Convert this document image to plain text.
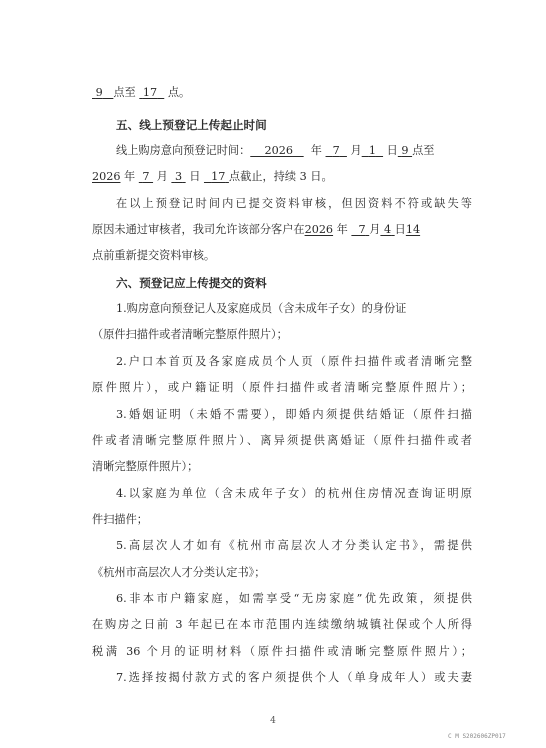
9 点至 17 点。
五、线上预登记上传起止时间
线上购房意向预登记时间： 2026 年 7 月 1 日 9 点至
2026 年 7 月 3 日 17 点截止，持续 3 日。
在以上预登记时间内已提交资料审核，但因资料不符或缺失等
原因未通过审核者，我司允许该部分客户在2026 年 7 月 4 日14
点前重新提交资料审核。
六、预登记应上传提交的资料
1.购房意向预登记人及家庭成员（含未成年子女）的身份证
（原件扫描件或者清晰完整原件照片）；
2.户口本首页及各家庭成员个人页（原件扫描件或者清晰完整
原件照片），或户籍证明（原件扫描件或者清晰完整原件照片）；
3.婚姻证明（未婚不需要），即婚内须提供结婚证（原件扫描
件或者清晰完整原件照片）、离异须提供离婚证（原件扫描件或者
清晰完整原件照片）；
4.以家庭为单位（含未成年子女）的杭州住房情况查询证明原
件扫描件；
5.高层次人才如有《杭州市高层次人才分类认定书》，需提供
《杭州市高层次人才分类认定书》；
6.非本市户籍家庭，如需享受“无房家庭”优先政策，须提供
在购房之日前 3 年起已在本市范围内连续缴纳城镇社保或个人所得
税满 36 个月的证明材料（原件扫描件或清晰完整原件照片）；
7.选择按揭付款方式的客户须提供个人（单身成年人）或夫妻
4
C M S202606ZP017
